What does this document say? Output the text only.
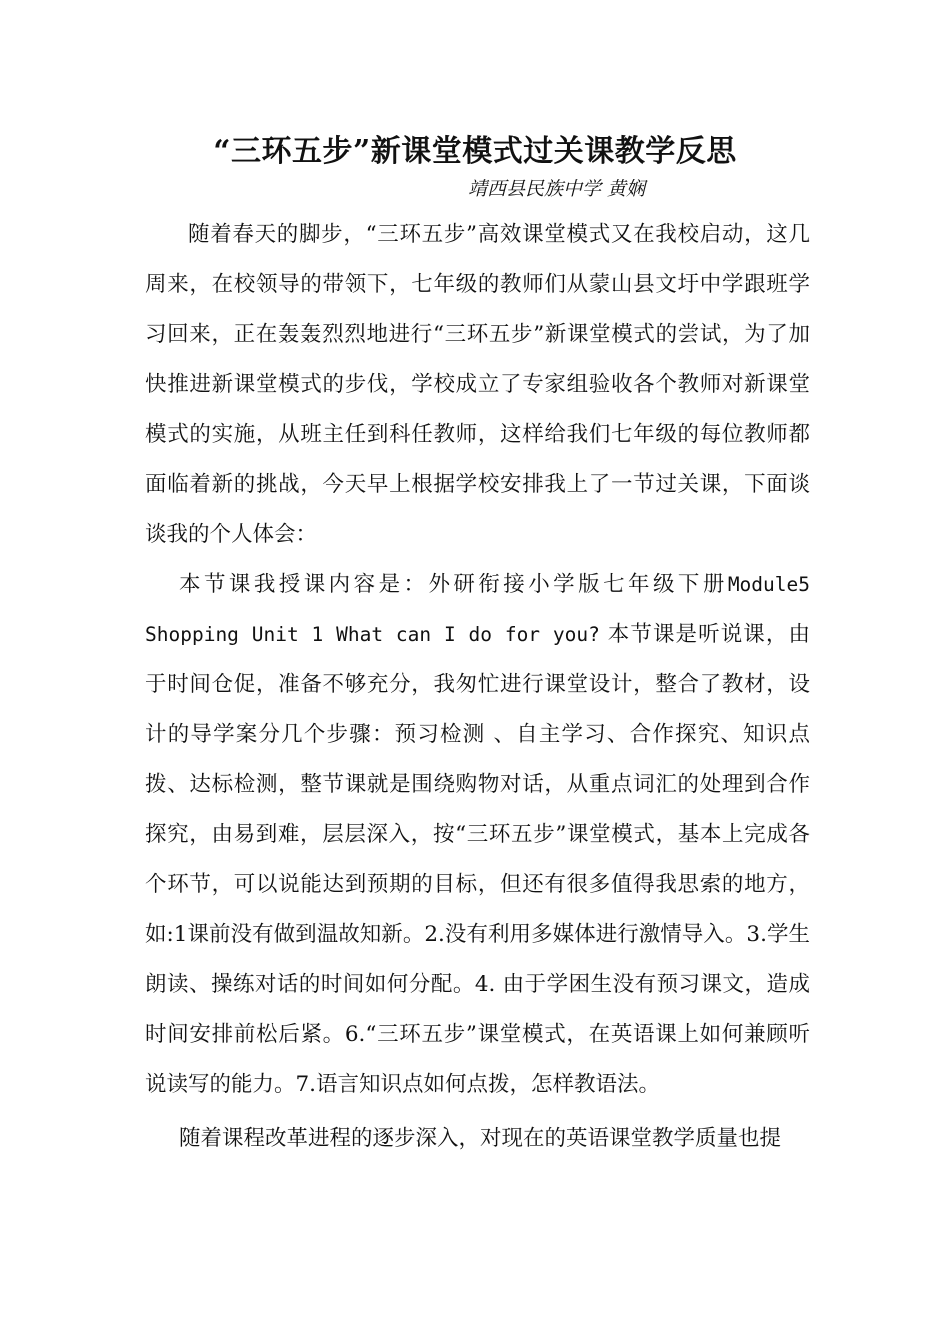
“三环五步”新课堂模式过关课教学反思
靖西县民族中学 黄娴

随着春天的脚步，“三环五步”高效课堂模式又在我校启动，这几周来，在校领导的带领下，七年级的教师们从蒙山县文圩中学跟班学习回来，正在轰轰烈烈地进行“三环五步”新课堂模式的尝试，为了加快推进新课堂模式的步伐，学校成立了专家组验收各个教师对新课堂模式的实施，从班主任到科任教师，这样给我们七年级的每位教师都面临着新的挑战，今天早上根据学校安排我上了一节过关课，下面谈谈我的个人体会：

本节课我授课内容是：外研衔接小学版七年级下册Module5 Shopping Unit 1 What can I do for you? 本节课是听说课，由于时间仓促，准备不够充分，我匆忙进行课堂设计，整合了教材，设计的导学案分几个步骤：预习检测 、自主学习、合作探究、知识点拨、达标检测，整节课就是围绕购物对话，从重点词汇的处理到合作探究，由易到难，层层深入，按“三环五步”课堂模式，基本上完成各个环节，可以说能达到预期的目标，但还有很多值得我思索的地方，如:1课前没有做到温故知新。2.没有利用多媒体进行激情导入。3.学生朗读、操练对话的时间如何分配。4. 由于学困生没有预习课文，造成时间安排前松后紧。6.“三环五步”课堂模式，在英语课上如何兼顾听说读写的能力。7.语言知识点如何点拨，怎样教语法。

随着课程改革进程的逐步深入，对现在的英语课堂教学质量也提
